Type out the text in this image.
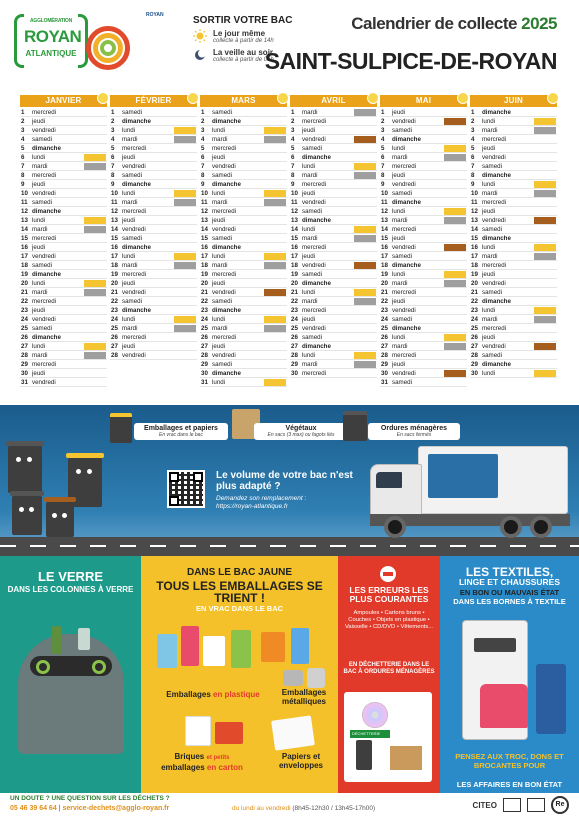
AGGLOMÉRATION
ROYAN
ATLANTIQUE
ROYAN	SORTIR VOTRE BAC
Le jour même
collecte à partir de 14h
La veille au soir
collecte à partir de 05h
Calendrier de collecte 2025
SAINT-SULPICE-DE-ROYAN
JANVIER
1	mercredi
2	jeudi
3	vendredi
4	samedi
5	dimanche
6	lundi
7	mardi
8	mercredi
9	jeudi
10 vendredi
11 samedi
12 dimanche
13 lundi
14 mardi
15 mercredi
16 jeudi
17 vendredi
18 samedi
19 dimanche
20 lundi
21 mardi
22 mercredi
23 jeudi
24 vendredi
25 samedi
26 dimanche
27 lundi
28 mardi
29 mercredi
30 jeudi
31 vendredi
FÉVRIER
1	samedi
2	dimanche
3	lundi
4	mardi
5	mercredi
6	jeudi
7	vendredi
8	samedi
9	dimanche
10 lundi
11 mardi
12 mercredi
13 jeudi
14 vendredi
15 samedi
16 dimanche
17 lundi
18 mardi
19 mercredi
20 jeudi
21 vendredi
22 samedi
23 dimanche
24 lundi
25 mardi
26 mercredi
27 jeudi
28 vendredi
MARS
1	samedi
2	dimanche
3	lundi
4	mardi
5	mercredi
6	jeudi
7	vendredi
8	samedi
9	dimanche
10 lundi
11 mardi
12 mercredi
13 jeudi
14 vendredi
15 samedi
16 dimanche
17 lundi
18 mardi
19 mercredi
20 jeudi
21 vendredi
22 samedi
23 dimanche
24 lundi
25 mardi
26 mercredi
27 jeudi
28 vendredi
29 samedi
30 dimanche
31 lundi
AVRIL
1	mardi
2	mercredi
3	jeudi
4	vendredi
5	samedi
6	dimanche
7	lundi
8	mardi
9	mercredi
10 jeudi
11 vendredi
12 samedi
13 dimanche
14 lundi
15 mardi
16 mercredi
17 jeudi
18 vendredi
19 samedi
20 dimanche
21 lundi
22 mardi
23 mercredi
24 jeudi
25 vendredi
26 samedi
27 dimanche
28 lundi
29 mardi
30 mercredi
MAI
1	jeudi
2	vendredi
3	samedi
4	dimanche
5	lundi
6	mardi
7	mercredi
8	jeudi
9	vendredi
10 samedi
11 dimanche
12 lundi
13 mardi
14 mercredi
15 jeudi
16 vendredi
17 samedi
18 dimanche
19 lundi
20 mardi
21 mercredi
22 jeudi
23 vendredi
24 samedi
25 dimanche
26 lundi
27 mardi
28 mercredi
29 jeudi
30 vendredi
31 samedi
JUIN
1	dimanche
2	lundi
3	mardi
4	mercredi
5	jeudi
6	vendredi
7	samedi
8	dimanche
9	lundi
10 mardi
11 mercredi
12 jeudi
13 vendredi
14 samedi
15 dimanche
16 lundi
17 mardi
18 mercredi
19 jeudi
20 vendredi
21 samedi
22 dimanche
23 lundi
24 mardi
25 mercredi
26 jeudi
27 vendredi
28 samedi
29 dimanche
30 lundi
Emballages et papiers
En vrac dans le bac
Végétaux
En sacs (3 max) ou fagots liés
Ordures ménagères
En sacs fermés
Le volume de votre bac n'est plus adapté ?
Demandez son remplacement :
https://royan-atlantique.fr
LE VERRE
DANS LES COLONNES À VERRE
DANS LE BAC JAUNE
TOUS LES EMBALLAGES SE TRIENT !
EN VRAC DANS LE BAC
Emballages en plastique	Emballages métalliques
Briques et petits
emballages en carton
Papiers et enveloppes
LES ERREURS LES PLUS COURANTES
Ampoules • Cartons bruns • Couches • Objets en plastique • Vaisselle • CD/DVD • Vêtements...
EN DÉCHETTERIE DANS LE BAC À ORDURES MÉNAGÈRES
DÉCHETTERIE
LES TEXTILES,
LINGE ET CHAUSSURES
EN BON OU MAUVAIS ÉTAT
DANS LES BORNES À TEXTILE
PENSEZ AUX TROC, DONS ET BROCANTES POUR
LES AFFAIRES EN BON ÉTAT
UN DOUTE ? UNE QUESTION SUR LES DÉCHETS ?
05 46 39 64 64 | service-dechets@agglo-royan.fr	du lundi au vendredi (8h45-12h30 / 13h45-17h00)	CITEO	Re
